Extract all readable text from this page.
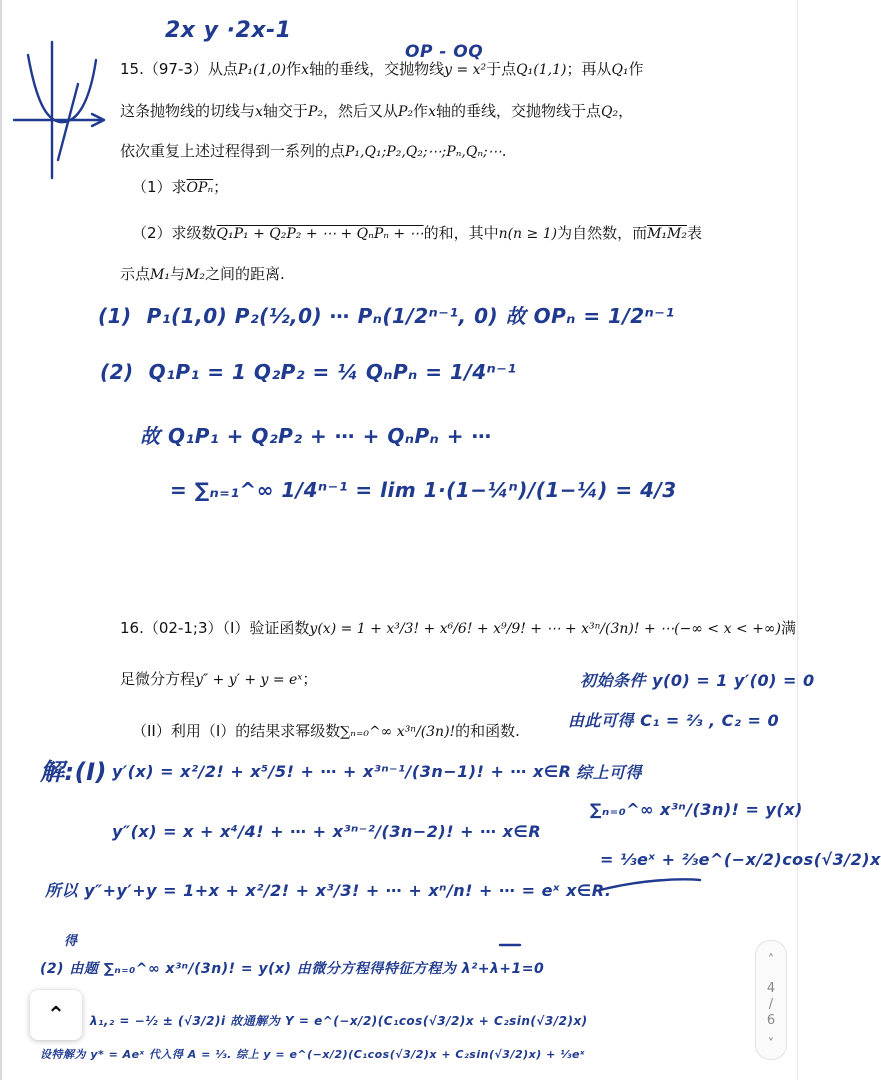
2x y ·2x-1
OP - OQ
15.（97-3）从点P₁(1,0)作x轴的垂线，交抛物线y = x²于点Q₁(1,1)；再从Q₁作
这条抛物线的切线与x轴交于P₂，然后又从P₂作x轴的垂线，交抛物线于点Q₂，
依次重复上述过程得到一系列的点P₁,Q₁;P₂,Q₂;⋯;Pₙ,Qₙ;⋯.
（1）求$\overline{OP_n}$；
（2）求级数Q₁P₁ + Q₂P₂ + ⋯ + QₙPₙ + ⋯的和，其中n(n ≥ 1)为自然数，而M₁M₂表
示点M₁与M₂之间的距离.
(1) P₁(1,0) P₂(½,0) ⋯ Pₙ(1/2ⁿ⁻¹, 0) 故 OPₙ = 1/2ⁿ⁻¹
(2) Q₁P₁ = 1 Q₂P₂ = ¼ QₙPₙ = 1/4ⁿ⁻¹
故 Q₁P₁ + Q₂P₂ + ⋯ + QₙPₙ + ⋯
= ∑ₙ₌₁^∞ 1/4ⁿ⁻¹ = lim 1·(1−¼ⁿ)/(1−¼) = 4/3
16.（02-1;3）（I）验证函数y(x) = 1 + x³/3! + x⁶/6! + x⁹/9! + ⋯ + x³ⁿ/(3n)! + ⋯(−∞ < x < +∞)满
足微分方程y″ + y′ + y = eˣ；
（II）利用（I）的结果求幂级数∑ₙ₌₀^∞ x³ⁿ/(3n)!的和函数.
初始条件 y(0) = 1 y′(0) = 0
由此可得 C₁ = ⅔ , C₂ = 0
综上可得
∑ₙ₌₀^∞ x³ⁿ/(3n)! = y(x)
= ⅓eˣ + ⅔e^(−x/2)cos(√3/2)x
解:(I) y′(x) = x²/2! + x⁵/5! + ⋯ + x³ⁿ⁻¹/(3n−1)! + ⋯ x∈R
y″(x) = x + x⁴/4! + ⋯ + x³ⁿ⁻²/(3n−2)! + ⋯ x∈R
所以 y″+y′+y = 1+x + x²/2! + x³/3! + ⋯ + xⁿ/n! + ⋯ = eˣ x∈R.
得
(2) 由题 ∑ₙ₌₀^∞ x³ⁿ/(3n)! = y(x) 由微分方程得特征方程为 λ²+λ+1=0
λ₁,₂ = −½ ± (√3/2)i 故通解为 Y = e^(−x/2)(C₁cos(√3/2)x + C₂sin(√3/2)x)
设特解为 y* = Aeˣ 代入得 A = ⅓. 综上 y = e^(−x/2)(C₁cos(√3/2)x + C₂sin(√3/2)x) + ⅓eˣ
⌃
˄
4
/
6
˅
